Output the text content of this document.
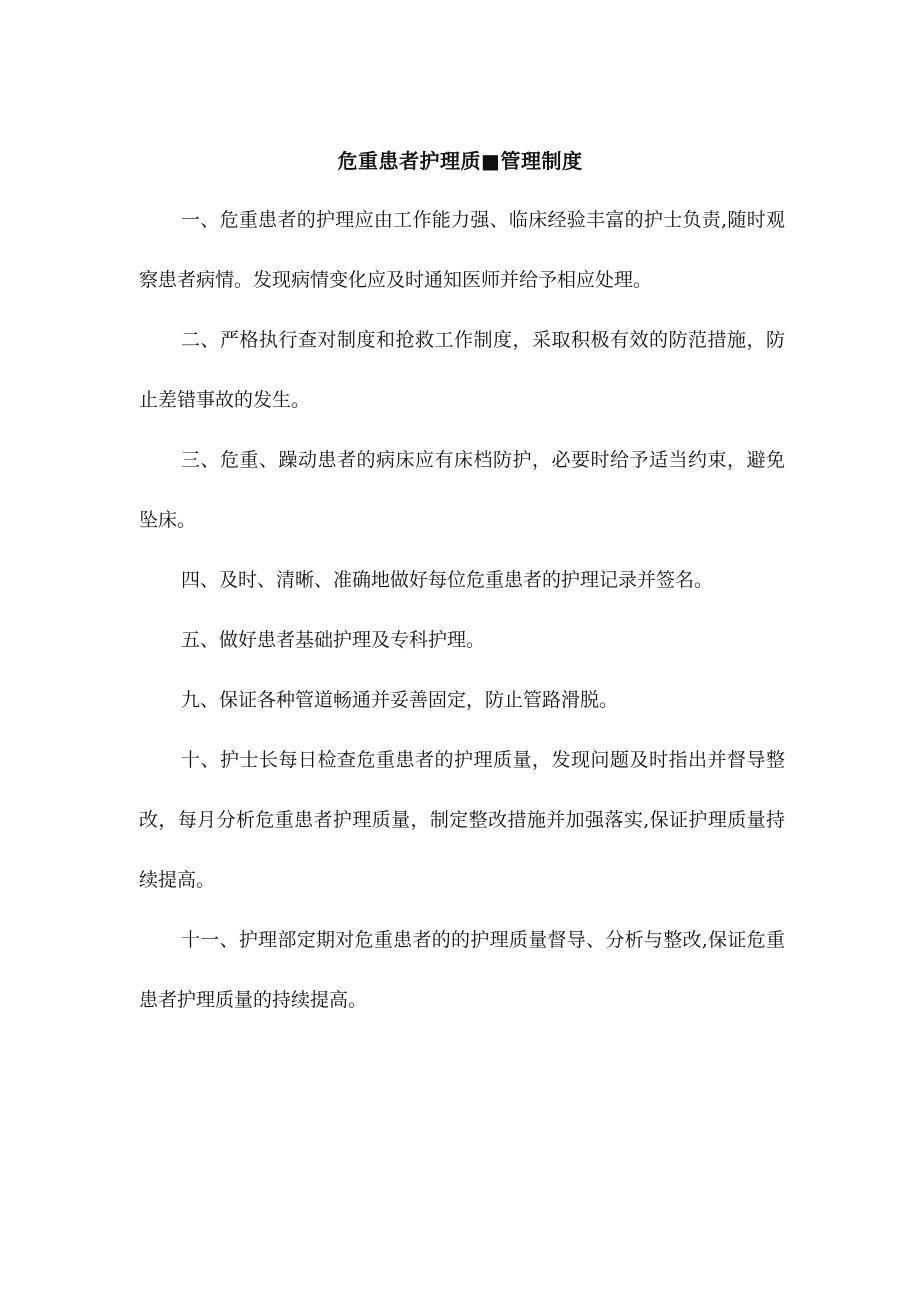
危重患者护理质■管理制度

一、危重患者的护理应由工作能力强、临床经验丰富的护士负责,随时观察患者病情。发现病情变化应及时通知医师并给予相应处理。

二、严格执行查对制度和抢救工作制度，采取积极有效的防范措施，防止差错事故的发生。

三、危重、躁动患者的病床应有床档防护，必要时给予适当约束，避免坠床。

四、及时、清晰、准确地做好每位危重患者的护理记录并签名。

五、做好患者基础护理及专科护理。

九、保证各种管道畅通并妥善固定，防止管路滑脱。

十、护士长每日检查危重患者的护理质量，发现问题及时指出并督导整改，每月分析危重患者护理质量，制定整改措施并加强落实,保证护理质量持续提高。

十一、护理部定期对危重患者的的护理质量督导、分析与整改,保证危重患者护理质量的持续提高。
